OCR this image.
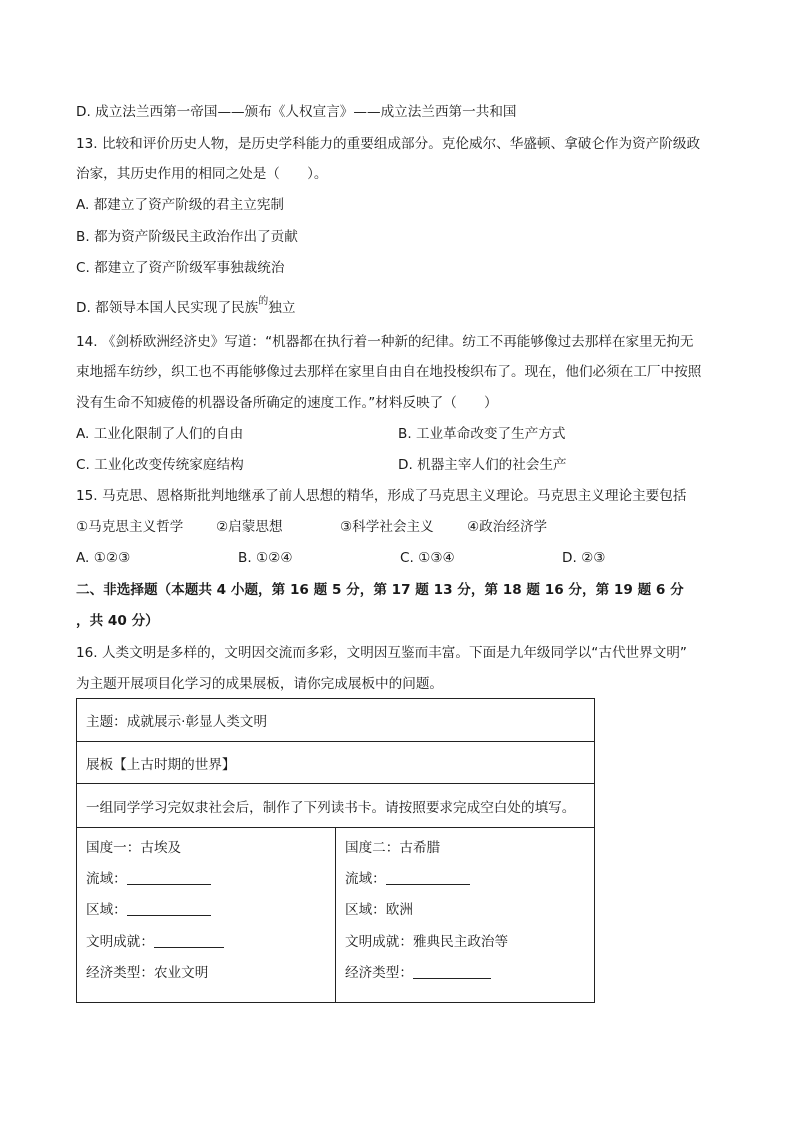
D. 成立法兰西第一帝国——颁布《人权宣言》——成立法兰西第一共和国
13. 比较和评价历史人物，是历史学科能力的重要组成部分。克伦威尔、华盛顿、拿破仑作为资产阶级政
治家，其历史作用的相同之处是（　　）。
A. 都建立了资产阶级的君主立宪制
B. 都为资产阶级民主政治作出了贡献
C. 都建立了资产阶级军事独裁统治
D. 都领导本国人民实现了民族$^的$独立
14. 《剑桥欧洲经济史》写道：“机器都在执行着一种新的纪律。纺工不再能够像过去那样在家里无拘无
束地摇车纺纱，织工也不再能够像过去那样在家里自由自在地投梭织布了。现在，他们必须在工厂中按照
没有生命不知疲倦的机器设备所确定的速度工作。”材料反映了（　　）
A. 工业化限制了人们的自由	B. 工业革命改变了生产方式
C. 工业化改变传统家庭结构	D. 机器主宰人们的社会生产
15. 马克思、恩格斯批判地继承了前人思想的精华，形成了马克思主义理论。马克思主义理论主要包括
①马克思主义哲学 ②启蒙思想	③科学社会主义 ④政治经济学
A. ①②③	B. ①②④	C. ①③④	D. ②③
二、非选择题（本题共 4 小题，第 16 题 5 分，第 17 题 13 分，第 18 题 16 分，第 19 题 6 分
，共 40 分）
16. 人类文明是多样的，文明因交流而多彩，文明因互鉴而丰富。下面是九年级同学以“古代世界文明”
为主题开展项目化学习的成果展板，请你完成展板中的问题。
主题：成就展示·彰显人类文明
展板【上古时期的世界】
一组同学学习完奴隶社会后，制作了下列读书卡。请按照要求完成空白处的填写。

国度一：古埃及
流域：
区域：
文明成就：
经济类型：农业文明

国度二：古希腊
流域：
区域：欧洲
文明成就：雅典民主政治等
经济类型：
